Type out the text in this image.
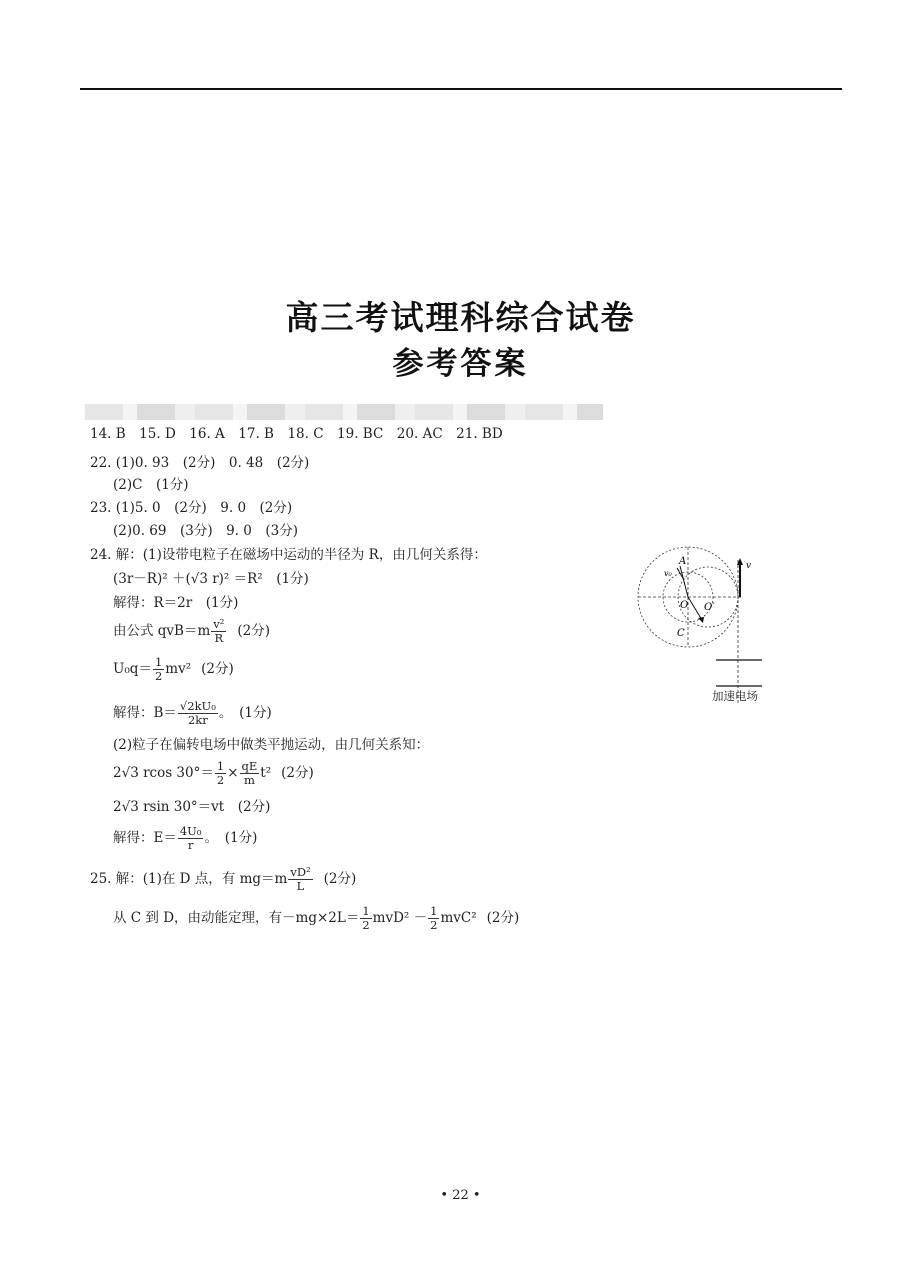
高三考试理科综合试卷
参考答案
14. B　15. D　16. A　17. B　18. C　19. BC　20. AC　21. BD
22. (1)0. 93　(2分)　0. 48　(2分)
(2)C　(1分)
23. (1)5. 0　(2分)　9. 0　(2分)
(2)0. 69　(3分)　9. 0　(3分)
24. 解：(1)设带电粒子在磁场中运动的半径为 R，由几何关系得：
(3r－R)² ＋(√3 r)² ＝R²　(1分)
解得：R＝2r　(1分)
由公式 $qvB=m \frac{\text{v²}}{R} (2$分)
$U_0q= \frac{1}{2} mv^2$ (2分)
解得：$B= \frac{\text{√2kU₀}}{2kr}$ 。　(1分)
(2)粒子在偏转电场中做类平抛运动，由几何关系知：
2√3 rcos $30^\circ= \frac{1}{2} \times \frac{qE}{m} t^2$ (2分)
2√3 rsin 30°＝vt　(2分)
解得：$E= \frac{\text{4U₀}}{r}$ 。　(1分)
25. 解：(1)在 D 点，有 $mg=m \frac{\text{vD²}}{L} (2$分)
从 C 到 D，由动能定理，有$-mg\times 2L= \frac{1}{2} mvD^2 - \frac{1}{2} mvC^2$ (2分)
A
v₀
O O′
C
v
加速电场
• 22 •
